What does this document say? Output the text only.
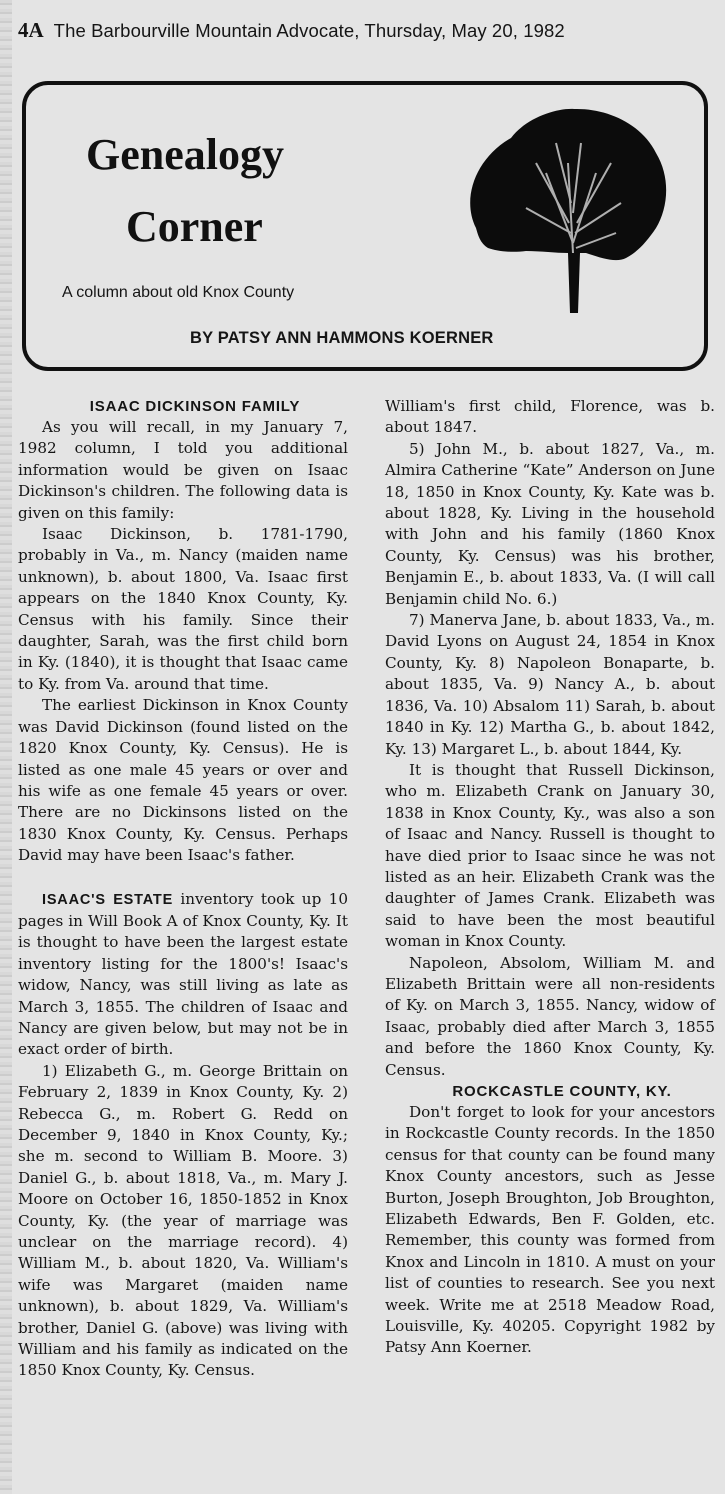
4A The Barbourville Mountain Advocate, Thursday, May 20, 1982
Genealogy
Corner
A column about old Knox County
BY PATSY ANN HAMMONS KOERNER

ISAAC DICKINSON FAMILY

As you will recall, in my January 7, 1982 column, I told you additional information would be given on Isaac Dickinson's children. The following data is given on this family:

Isaac Dickinson, b. 1781-1790, probably in Va., m. Nancy (maiden name unknown), b. about 1800, Va. Isaac first appears on the 1840 Knox County, Ky. Census with his family. Since their daughter, Sarah, was the first child born in Ky. (1840), it is thought that Isaac came to Ky. from Va. around that time.

The earliest Dickinson in Knox County was David Dickinson (found listed on the 1820 Knox County, Ky. Census). He is listed as one male 45 years or over and his wife as one female 45 years or over. There are no Dickinsons listed on the 1830 Knox County, Ky. Census. Perhaps David may have been Isaac's father.

ISAAC'S ESTATE inventory took up 10 pages in Will Book A of Knox County, Ky. It is thought to have been the largest estate inventory listing for the 1800's! Isaac's widow, Nancy, was still living as late as March 3, 1855. The children of Isaac and Nancy are given below, but may not be in exact order of birth.

1) Elizabeth G., m. George Brittain on February 2, 1839 in Knox County, Ky. 2) Rebecca G., m. Robert G. Redd on December 9, 1840 in Knox County, Ky.; she m. second to William B. Moore. 3) Daniel G., b. about 1818, Va., m. Mary J. Moore on October 16, 1850-1852 in Knox County, Ky. (the year of marriage was unclear on the marriage record). 4) William M., b. about 1820, Va. William's wife was Margaret (maiden name unknown), b. about 1829, Va. William's brother, Daniel G. (above) was living with William and his family as indicated on the 1850 Knox County, Ky. Census.

William's first child, Florence, was b. about 1847.

5) John M., b. about 1827, Va., m. Almira Catherine “Kate” Anderson on June 18, 1850 in Knox County, Ky. Kate was b. about 1828, Ky. Living in the household with John and his family (1860 Knox County, Ky. Census) was his brother, Benjamin E., b. about 1833, Va. (I will call Benjamin child No. 6.)

7) Manerva Jane, b. about 1833, Va., m. David Lyons on August 24, 1854 in Knox County, Ky. 8) Napoleon Bonaparte, b. about 1835, Va. 9) Nancy A., b. about 1836, Va. 10) Absalom 11) Sarah, b. about 1840 in Ky. 12) Martha G., b. about 1842, Ky. 13) Margaret L., b. about 1844, Ky.

It is thought that Russell Dickinson, who m. Elizabeth Crank on January 30, 1838 in Knox County, Ky., was also a son of Isaac and Nancy. Russell is thought to have died prior to Isaac since he was not listed as an heir. Elizabeth Crank was the daughter of James Crank. Elizabeth was said to have been the most beautiful woman in Knox County.

Napoleon, Absolom, William M. and Elizabeth Brittain were all non-residents of Ky. on March 3, 1855. Nancy, widow of Isaac, probably died after March 3, 1855 and before the 1860 Knox County, Ky. Census.

ROCKCASTLE COUNTY, KY.

Don't forget to look for your ancestors in Rockcastle County records. In the 1850 census for that county can be found many Knox County ancestors, such as Jesse Burton, Joseph Broughton, Job Broughton, Elizabeth Edwards, Ben F. Golden, etc. Remember, this county was formed from Knox and Lincoln in 1810. A must on your list of counties to research. See you next week. Write me at 2518 Meadow Road, Louisville, Ky. 40205. Copyright 1982 by Patsy Ann Koerner.
